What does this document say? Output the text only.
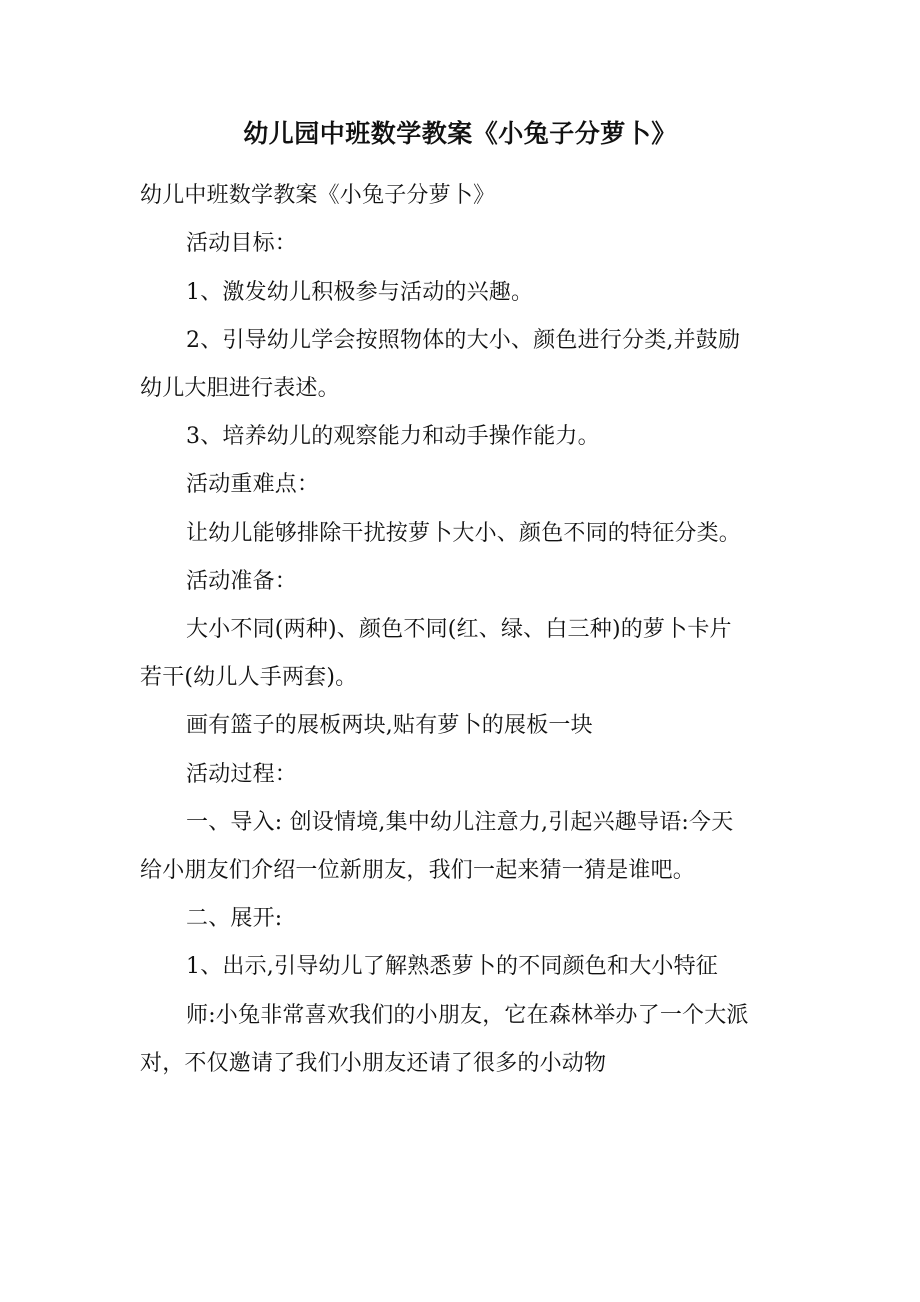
幼儿园中班数学教案《小兔子分萝卜》
幼儿中班数学教案《小兔子分萝卜》
活动目标：
1、激发幼儿积极参与活动的兴趣。
2、引导幼儿学会按照物体的大小、颜色进行分类,并鼓励
幼儿大胆进行表述。
3、培养幼儿的观察能力和动手操作能力。
活动重难点：
让幼儿能够排除干扰按萝卜大小、颜色不同的特征分类。
活动准备：
大小不同(两种)、颜色不同(红、绿、白三种)的萝卜卡片
若干(幼儿人手两套)。
画有篮子的展板两块,贴有萝卜的展板一块
活动过程：
一、导入: 创设情境,集中幼儿注意力,引起兴趣导语:今天
给小朋友们介绍一位新朋友，我们一起来猜一猜是谁吧。
二、展开:
1、出示,引导幼儿了解熟悉萝卜的不同颜色和大小特征
师:小兔非常喜欢我们的小朋友，它在森林举办了一个大派
对，不仅邀请了我们小朋友还请了很多的小动物
